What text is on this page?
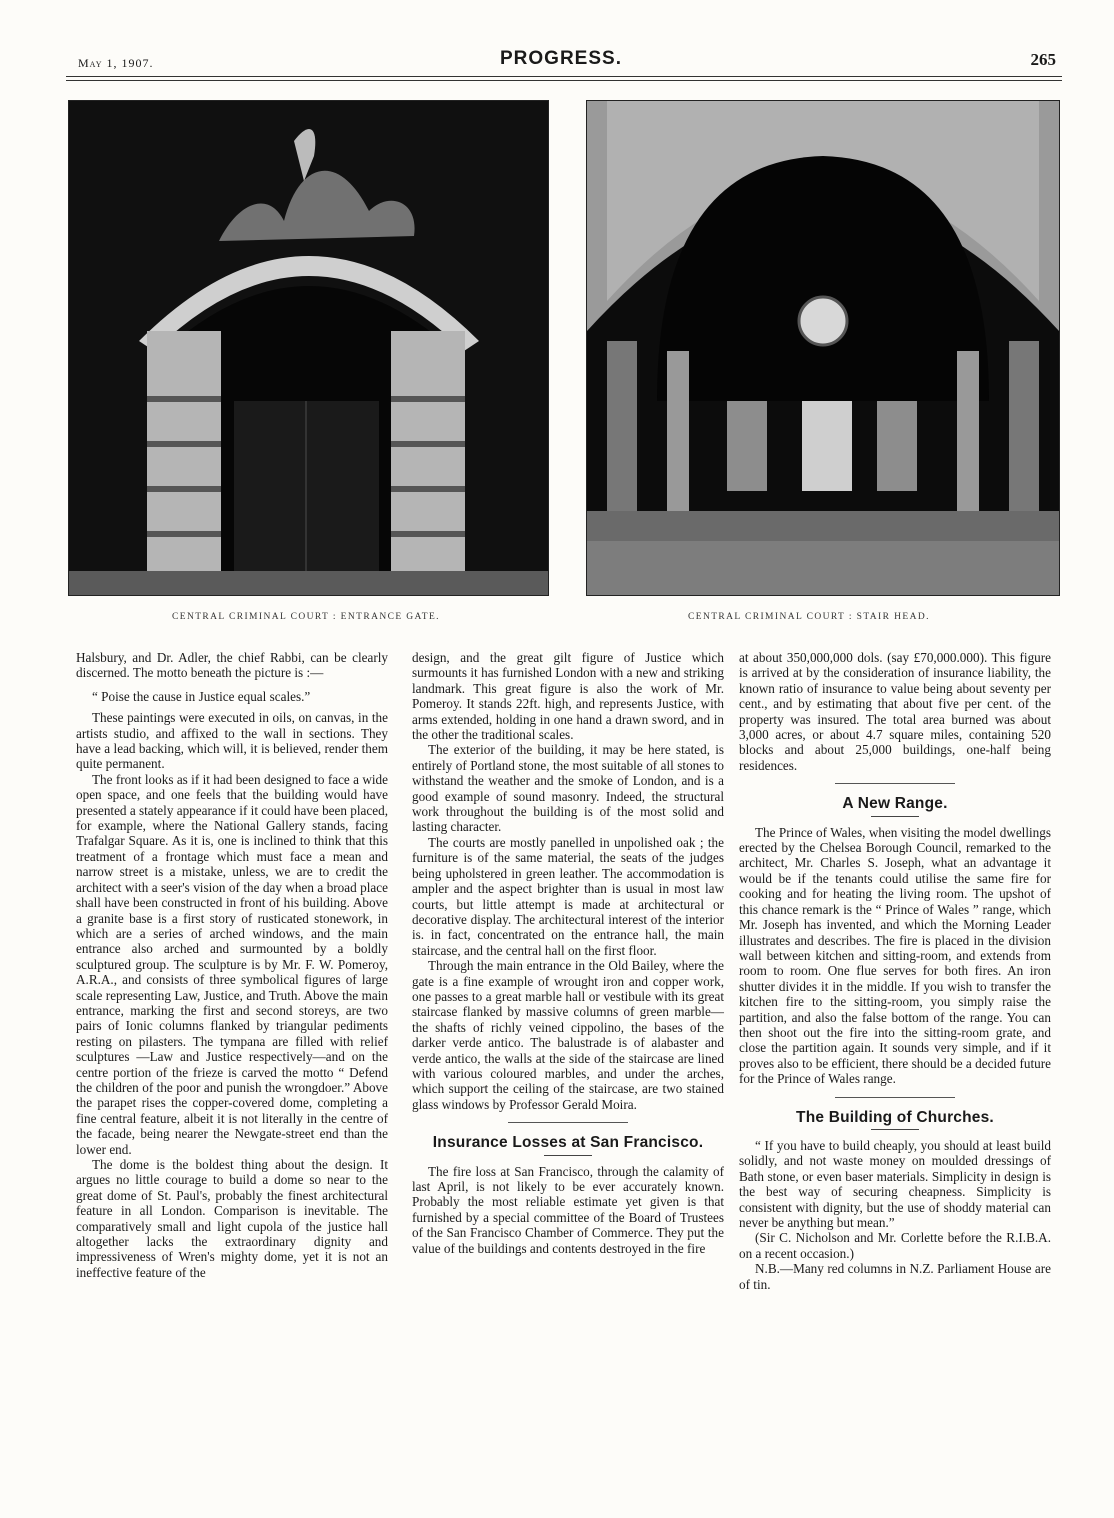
May 1, 1907.	PROGRESS.	265
CENTRAL CRIMINAL COURT : ENTRANCE GATE.	CENTRAL CRIMINAL COURT : STAIR HEAD.

Halsbury, and Dr. Adler, the chief Rabbi, can be clearly discerned. The motto beneath the picture is :—

“ Poise the cause in Justice equal scales.”

These paintings were executed in oils, on canvas, in the artists studio, and affixed to the wall in sections. They have a lead backing, which will, it is believed, render them quite permanent.

The front looks as if it had been designed to face a wide open space, and one feels that the building would have presented a stately appearance if it could have been placed, for example, where the National Gallery stands, facing Trafalgar Square. As it is, one is inclined to think that this treatment of a frontage which must face a mean and narrow street is a mistake, unless, we are to credit the architect with a seer's vision of the day when a broad place shall have been constructed in front of his building. Above a granite base is a first story of rusticated stonework, in which are a series of arched windows, and the main entrance also arched and surmounted by a boldly sculptured group. The sculpture is by Mr. F. W. Pomeroy, A.R.A., and consists of three symbolical figures of large scale representing Law, Justice, and Truth. Above the main entrance, marking the first and second storeys, are two pairs of Ionic columns flanked by triangular pediments resting on pilasters. The tympana are filled with relief sculptures —Law and Justice respectively—and on the centre portion of the frieze is carved the motto “ Defend the children of the poor and punish the wrongdoer.” Above the parapet rises the copper-covered dome, completing a fine central feature, albeit it is not literally in the centre of the facade, being nearer the Newgate-street end than the lower end.

The dome is the boldest thing about the design. It argues no little courage to build a dome so near to the great dome of St. Paul's, probably the finest architectural feature in all London. Comparison is inevitable. The comparatively small and light cupola of the justice hall altogether lacks the extraordinary dignity and impressiveness of Wren's mighty dome, yet it is not an ineffective feature of the

design, and the great gilt figure of Justice which surmounts it has furnished London with a new and striking landmark. This great figure is also the work of Mr. Pomeroy. It stands 22ft. high, and represents Justice, with arms extended, holding in one hand a drawn sword, and in the other the traditional scales.

The exterior of the building, it may be here stated, is entirely of Portland stone, the most suitable of all stones to withstand the weather and the smoke of London, and is a good example of sound masonry. Indeed, the structural work throughout the building is of the most solid and lasting character.

The courts are mostly panelled in unpolished oak ; the furniture is of the same material, the seats of the judges being upholstered in green leather. The accommodation is ampler and the aspect brighter than is usual in most law courts, but little attempt is made at architectural or decorative display. The architectural interest of the interior is. in fact, concentrated on the entrance hall, the main staircase, and the central hall on the first floor.

Through the main entrance in the Old Bailey, where the gate is a fine example of wrought iron and copper work, one passes to a great marble hall or vestibule with its great staircase flanked by massive columns of green marble—the shafts of richly veined cippolino, the bases of the darker verde antico. The balustrade is of alabaster and verde antico, the walls at the side of the staircase are lined with various coloured marbles, and under the arches, which support the ceiling of the staircase, are two stained glass windows by Professor Gerald Moira.

Insurance Losses at San Francisco.

The fire loss at San Francisco, through the calamity of last April, is not likely to be ever accurately known. Probably the most reliable estimate yet given is that furnished by a special committee of the Board of Trustees of the San Francisco Chamber of Commerce. They put the value of the buildings and contents destroyed in the fire

at about 350,000,000 dols. (say £70,000.000). This figure is arrived at by the consideration of insurance liability, the known ratio of insurance to value being about seventy per cent., and by estimating that about five per cent. of the property was insured. The total area burned was about 3,000 acres, or about 4.7 square miles, containing 520 blocks and about 25,000 buildings, one-half being residences.

A New Range.

The Prince of Wales, when visiting the model dwellings erected by the Chelsea Borough Council, remarked to the architect, Mr. Charles S. Joseph, what an advantage it would be if the tenants could utilise the same fire for cooking and for heating the living room. The upshot of this chance remark is the “ Prince of Wales ” range, which Mr. Joseph has invented, and which the Morning Leader illustrates and describes. The fire is placed in the division wall between kitchen and sitting-room, and extends from room to room. One flue serves for both fires. An iron shutter divides it in the middle. If you wish to transfer the kitchen fire to the sitting-room, you simply raise the partition, and also the false bottom of the range. You can then shoot out the fire into the sitting-room grate, and close the partition again. It sounds very simple, and if it proves also to be efficient, there should be a decided future for the Prince of Wales range.

The Building of Churches.

“ If you have to build cheaply, you should at least build solidly, and not waste money on moulded dressings of Bath stone, or even baser materials. Simplicity in design is the best way of securing cheapness. Simplicity is consistent with dignity, but the use of shoddy material can never be anything but mean.”

(Sir C. Nicholson and Mr. Corlette before the R.I.B.A. on a recent occasion.)

N.B.—Many red columns in N.Z. Parliament House are of tin.
